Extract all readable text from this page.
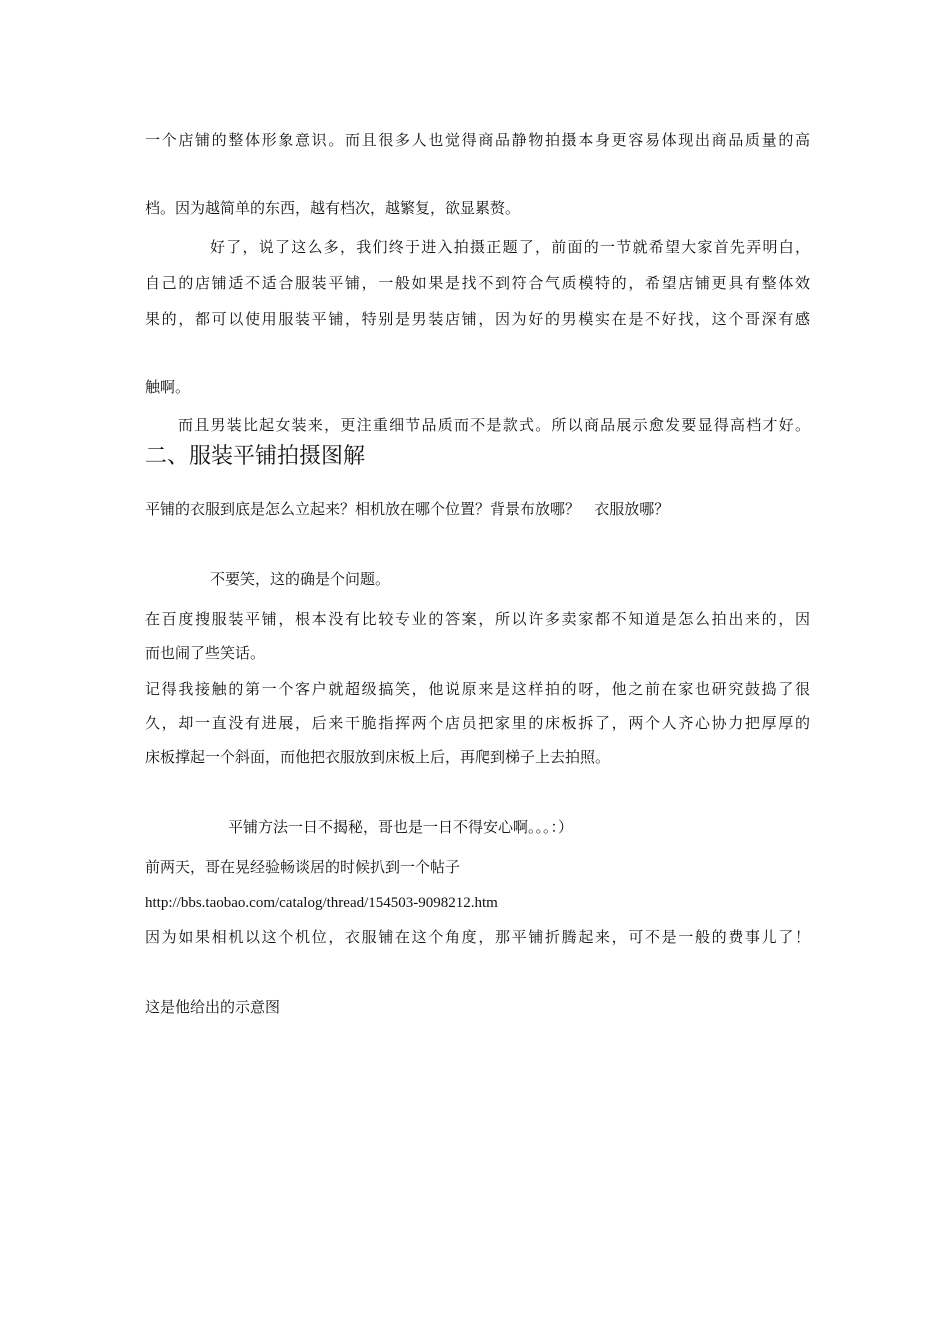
一个店铺的整体形象意识。而且很多人也觉得商品静物拍摄本身更容易体现出商品质量的高
档。因为越简单的东西，越有档次，越繁复，欲显累赘。
好了，说了这么多，我们终于进入拍摄正题了，前面的一节就希望大家首先弄明白，
自己的店铺适不适合服装平铺，一般如果是找不到符合气质模特的，希望店铺更具有整体效
果的，都可以使用服装平铺，特别是男装店铺，因为好的男模实在是不好找，这个哥深有感
触啊。
而且男装比起女装来，更注重细节品质而不是款式。所以商品展示愈发要显得高档才好。
二、服装平铺拍摄图解
平铺的衣服到底是怎么立起来？相机放在哪个位置？背景布放哪？   衣服放哪？
不要笑，这的确是个问题。
在百度搜服装平铺，根本没有比较专业的答案，所以许多卖家都不知道是怎么拍出来的，因
而也闹了些笑话。
记得我接触的第一个客户就超级搞笑，他说原来是这样拍的呀，他之前在家也研究鼓捣了很
久，却一直没有进展，后来干脆指挥两个店员把家里的床板拆了，两个人齐心协力把厚厚的
床板撑起一个斜面，而他把衣服放到床板上后，再爬到梯子上去拍照。
平铺方法一日不揭秘，哥也是一日不得安心啊。。。：）
前两天，哥在晃经验畅谈居的时候扒到一个帖子
http://bbs.taobao.com/catalog/thread/154503-9098212.htm
因为如果相机以这个机位，衣服铺在这个角度，那平铺折腾起来，可不是一般的费事儿了！
这是他给出的示意图
